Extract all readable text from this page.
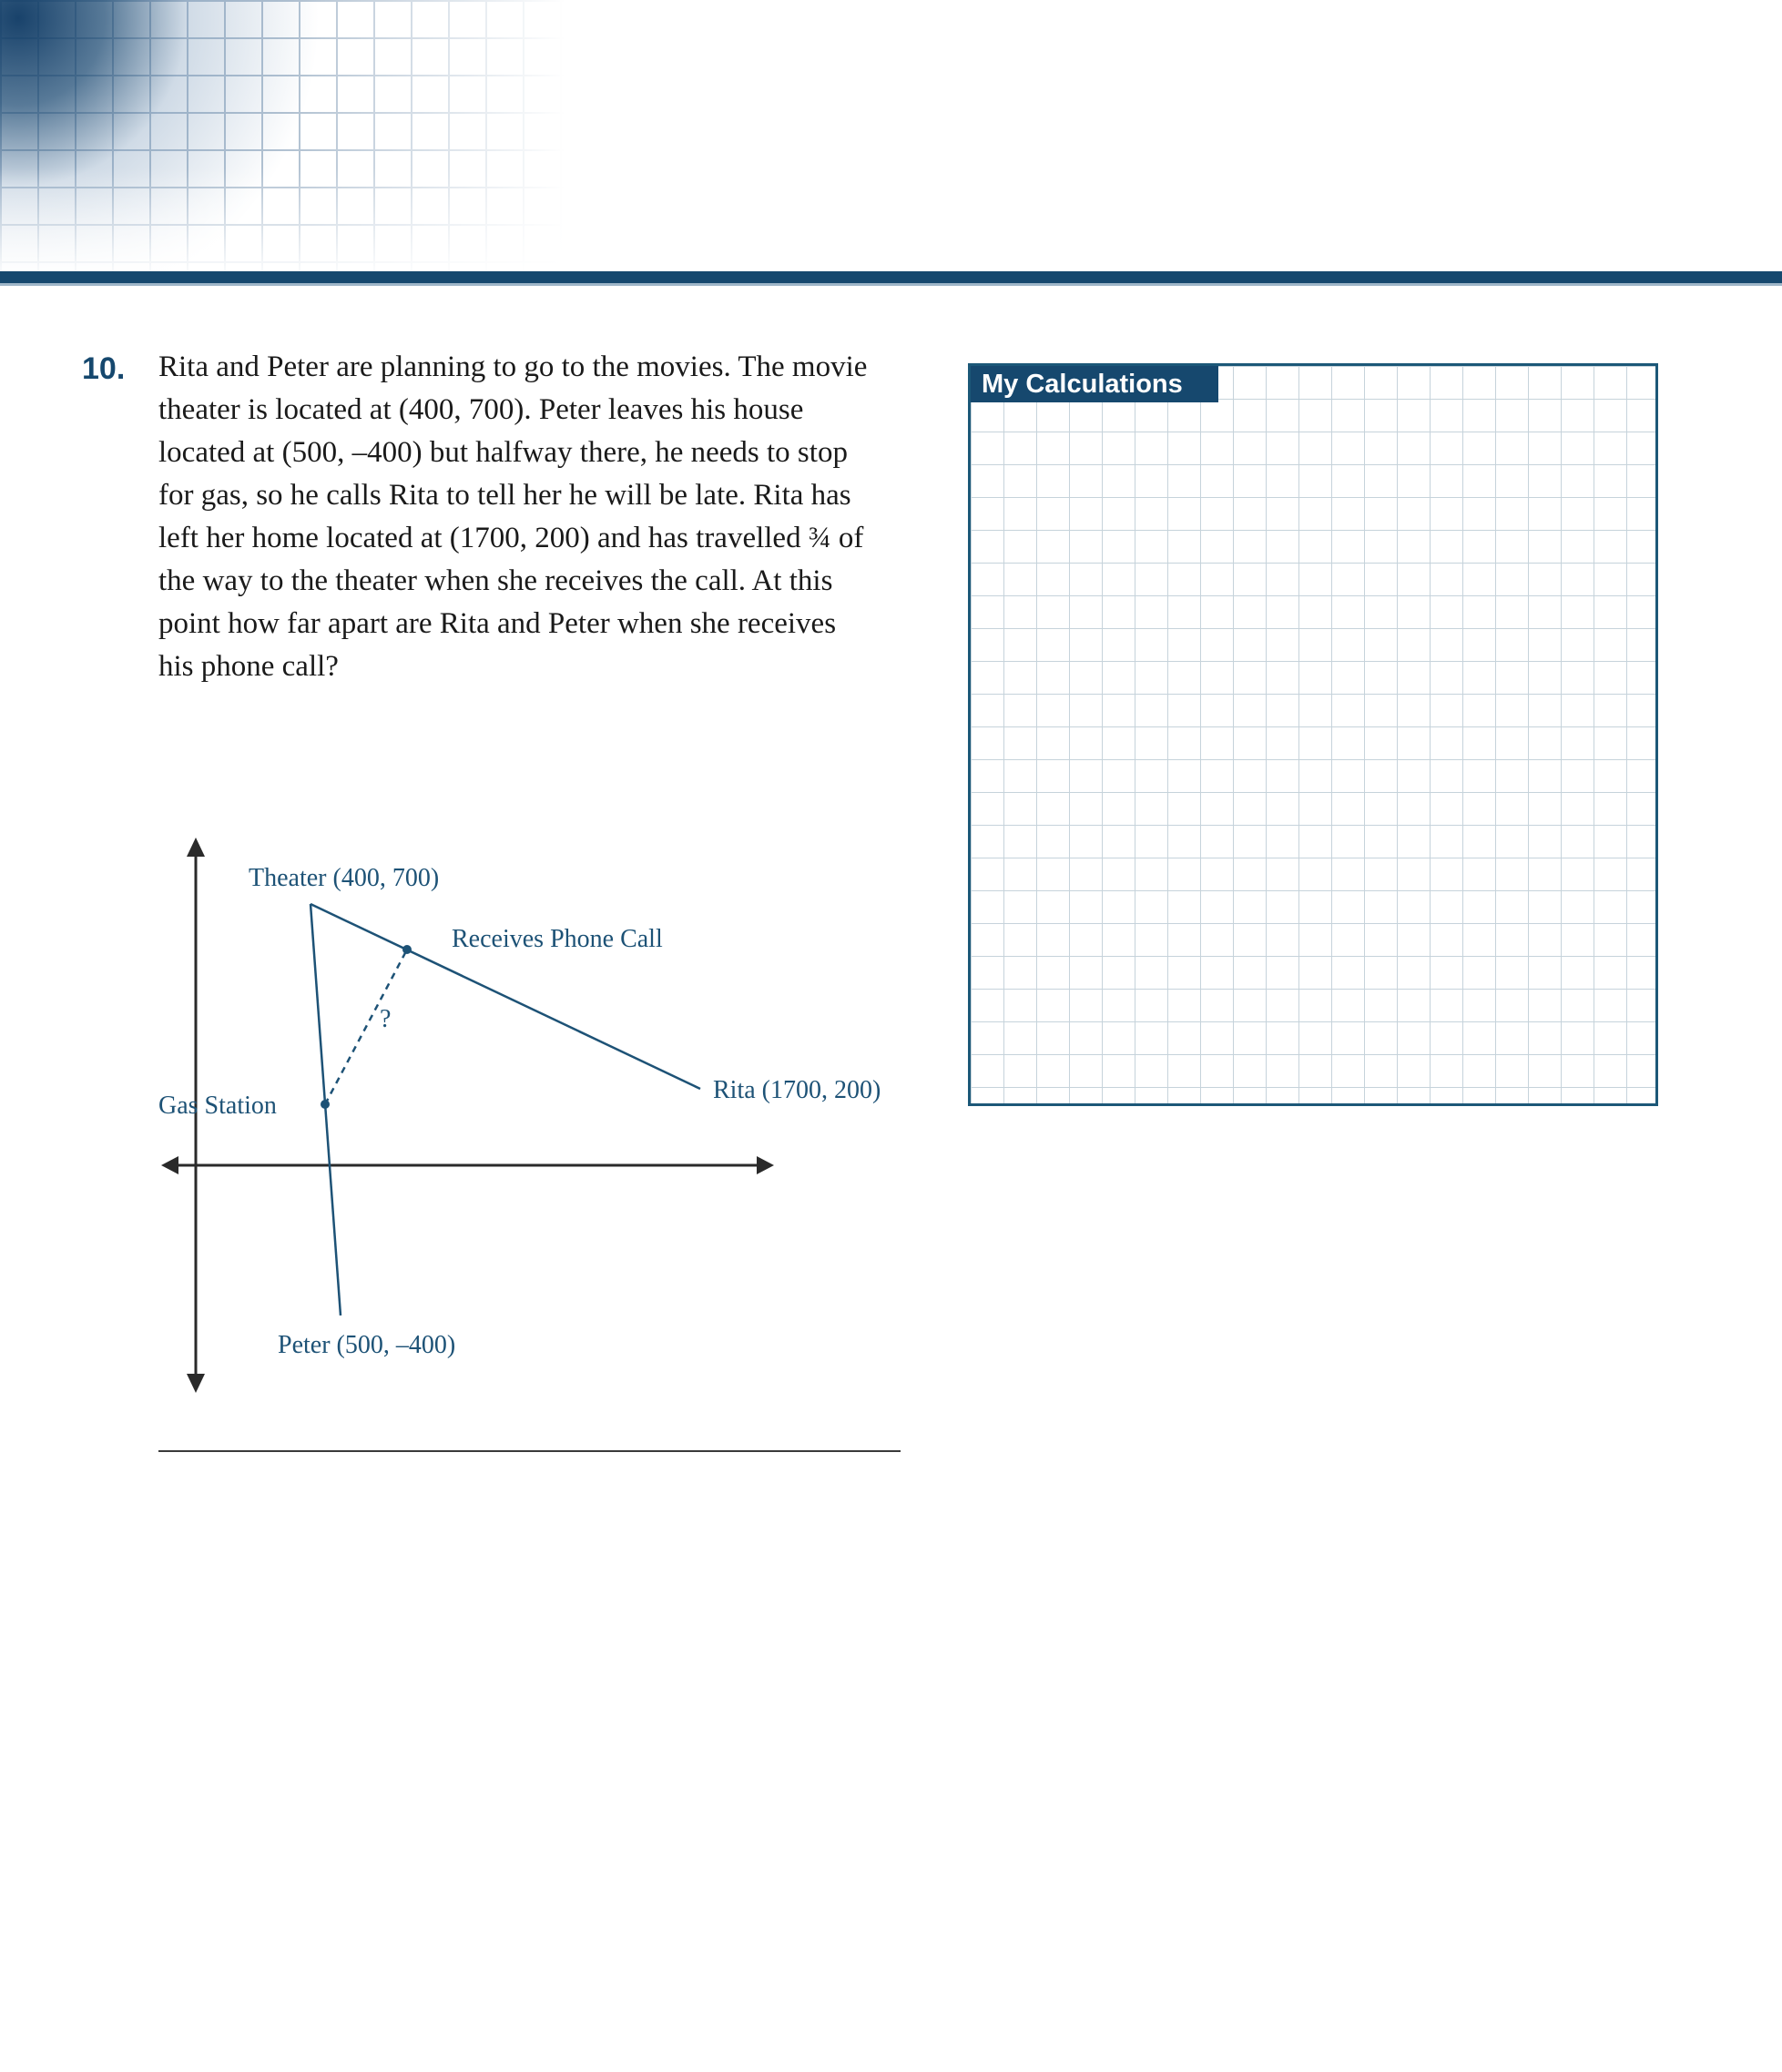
10. Rita and Peter are planning to go to the movies. The movie theater is located at (400, 700). Peter leaves his house located at (500, –400) but halfway there, he needs to stop for gas, so he calls Rita to tell her he will be late. Rita has left her home located at (1700, 200) and has travelled ¾ of the way to the theater when she receives the call. At this point how far apart are Rita and Peter when she receives his phone call?
Theater (400, 700)
Receives Phone Call
Gas Station
Rita (1700, 200)
Peter (500, –400)
?
My Calculations
